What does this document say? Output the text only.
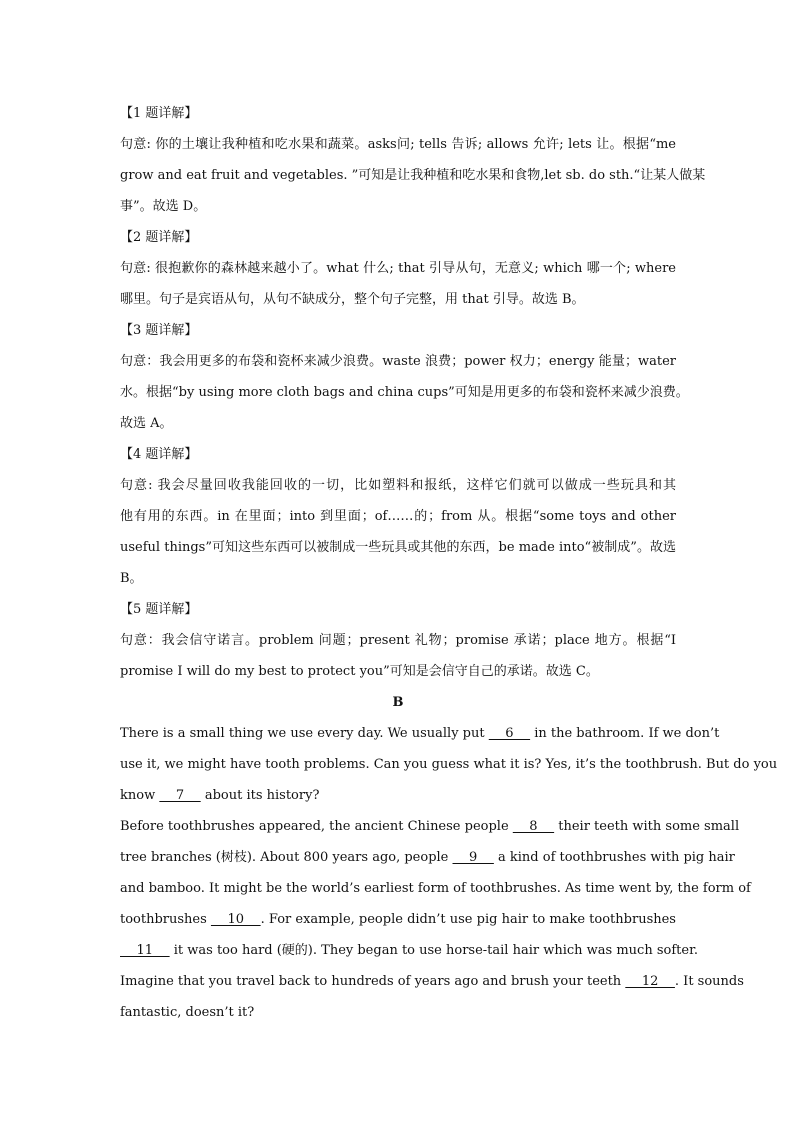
【1 题详解】
句意: 你的土壤让我种植和吃水果和蔬菜。asks问; tells 告诉; allows 允许; lets 让。根据“me
grow and eat fruit and vegetables. ”可知是让我种植和吃水果和食物,let sb. do sth.“让某人做某
事”。故选 D。
【2 题详解】
句意: 很抱歉你的森林越来越小了。what 什么; that 引导从句，无意义; which 哪一个; where
哪里。句子是宾语从句，从句不缺成分，整个句子完整，用 that 引导。故选 B。
【3 题详解】
句意：我会用更多的布袋和瓷杯来减少浪费。waste 浪费；power 权力；energy 能量；water
水。根据“by using more cloth bags and china cups”可知是用更多的布袋和瓷杯来减少浪费。
故选 A。
【4 题详解】
句意: 我会尽量回收我能回收的一切，比如塑料和报纸，这样它们就可以做成一些玩具和其
他有用的东西。in 在里面；into 到里面；of……的；from 从。根据“some toys and other
useful things”可知这些东西可以被制成一些玩具或其他的东西，be made into“被制成”。故选
B。
【5 题详解】
句意：我会信守诺言。problem 问题；present 礼物；promise 承诺；place 地方。根据“I
promise I will do my best to protect you”可知是会信守自己的承诺。故选 C。
B
There is a small thing we use every day. We usually put     6     in the bathroom. If we don’t
use it, we might have tooth problems. Can you guess what it is? Yes, it’s the toothbrush. But do you
know     7     about its history?
Before toothbrushes appeared, the ancient Chinese people     8     their teeth with some small
tree branches (树枝). About 800 years ago, people     9     a kind of toothbrushes with pig hair
and bamboo. It might be the world’s earliest form of toothbrushes. As time went by, the form of
toothbrushes     10    . For example, people didn’t use pig hair to make toothbrushes
11     it was too hard (硬的). They began to use horse-tail hair which was much softer.
Imagine that you travel back to hundreds of years ago and brush your teeth     12    . It sounds
fantastic, doesn’t it?
